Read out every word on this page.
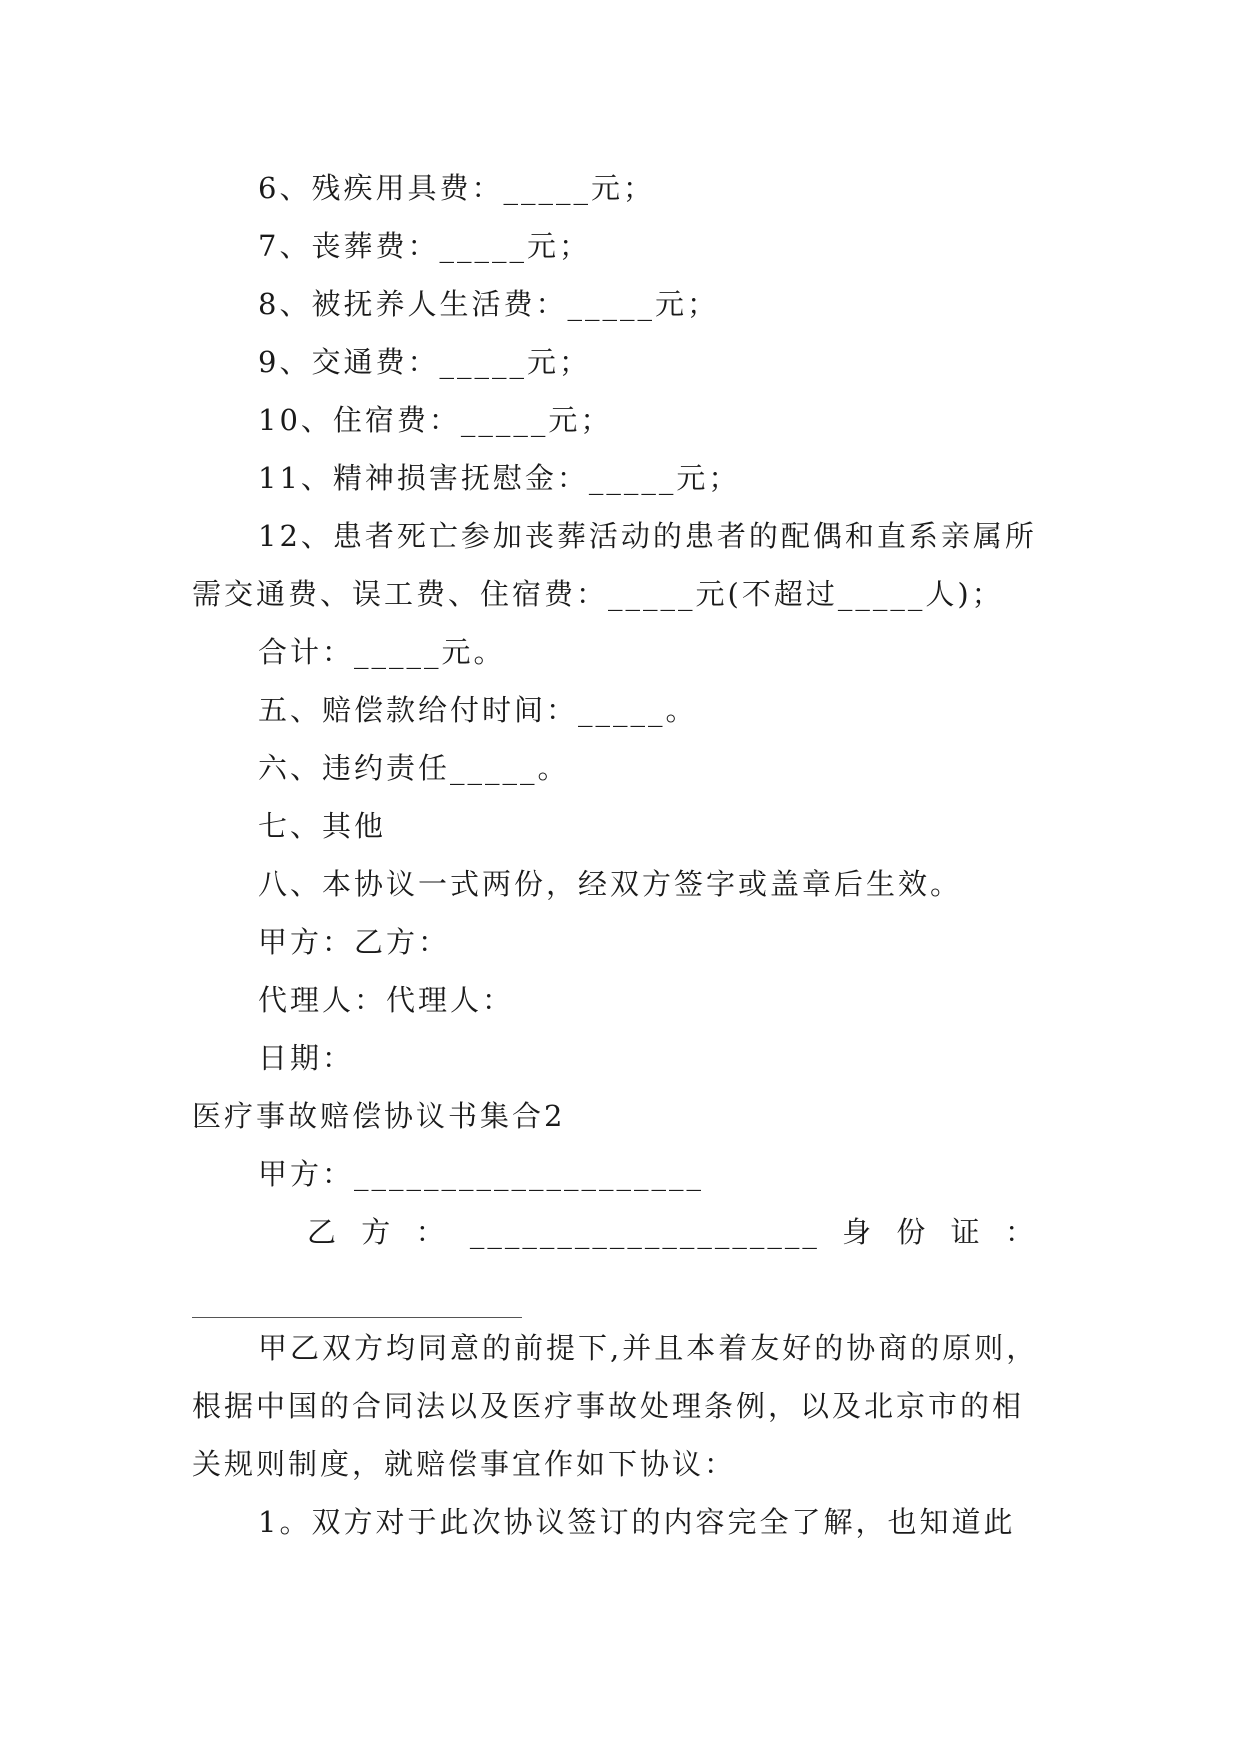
6、残疾用具费：_____元；
7、丧葬费：_____元；
8、被抚养人生活费：_____元；
9、交通费：_____元；
10、住宿费：_____元；
11、精神损害抚慰金：_____元；
12、患者死亡参加丧葬活动的患者的配偶和直系亲属所
需交通费、误工费、住宿费：_____元(不超过_____人)；
合计：_____元。
五、赔偿款给付时间：_____。
六、违约责任_____。
七、其他
八、本协议一式两份，经双方签字或盖章后生效。
甲方：乙方：
代理人：代理人：
日期：
医疗事故赔偿协议书集合2
甲方：____________________
乙 方 ： ____________________ 身 份 证 ：
甲乙双方均同意的前提下,并且本着友好的协商的原则，
根据中国的合同法以及医疗事故处理条例，以及北京市的相
关规则制度，就赔偿事宜作如下协议：
1。双方对于此次协议签订的内容完全了解，也知道此
